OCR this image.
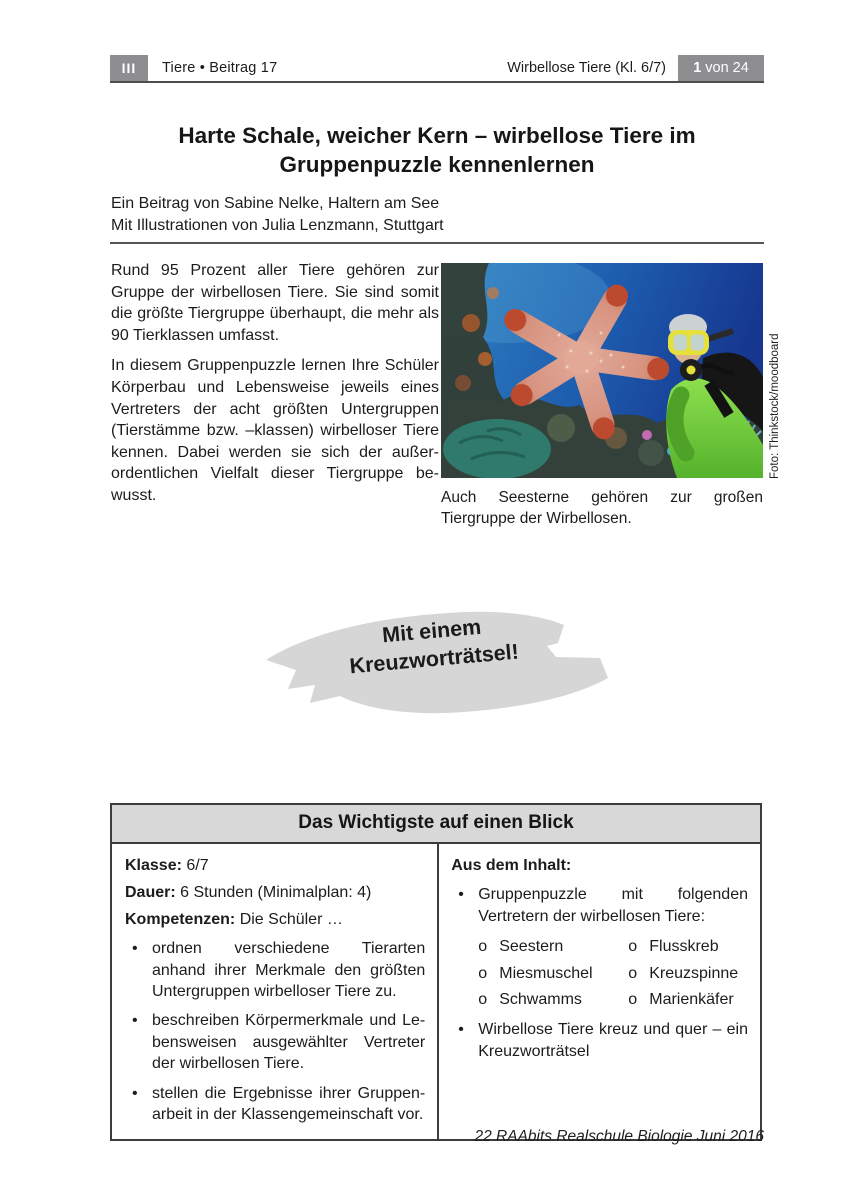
III	Tiere • Beitrag 17	Wirbellose Tiere (Kl. 6/7) 1 von 24
Harte Schale, weicher Kern – wirbellose Tiere im
Gruppenpuzzle kennenlernen
Ein Beitrag von Sabine Nelke, Haltern am See
Mit Illustrationen von Julia Lenzmann, Stuttgart

Rund 95 Prozent aller Tiere gehören zur Gruppe der wirbellosen Tiere. Sie sind somit die größte Tiergruppe überhaupt, die mehr als 90 Tierklassen umfasst.

In diesem Gruppenpuzzle lernen Ihre Schüler Körperbau und Lebensweise jeweils eines Vertreters der acht größten Untergruppen (Tierstämme bzw. –klassen) wirbelloser Tiere kennen. Dabei werden sie sich der außerordentlichen Vielfalt dieser Tiergruppe bewusst.	Auch Seesterne gehören zur großen Tiergruppe der Wirbellosen.
Foto: Thinkstock/moodboard
Mit einem
Kreuzworträtsel!
Das Wichtigste auf einen Blick
Klasse: 6/7
Dauer: 6 Stunden (Minimalplan: 4)
Kompetenzen: Die Schüler …
• ordnen verschiedene Tierarten anhand ihrer Merkmale den größten Untergruppen wirbelloser Tiere zu.
• beschreiben Körpermerkmale und Lebensweisen ausgewählter Vertreter der wirbellosen Tiere.
• stellen die Ergebnisse ihrer Gruppenarbeit in der Klassengemeinschaft vor.
Aus dem Inhalt:
• Gruppenpuzzle mit folgenden Vertretern der wirbellosen Tiere:
o Seestern	o Flusskreb
o Miesmuschel o Kreuzspinne
o Schwamms	o Marienkäfer
• Wirbellose Tiere kreuz und quer – ein Kreuzworträtsel
22 RAAbits Realschule Biologie Juni 2016
